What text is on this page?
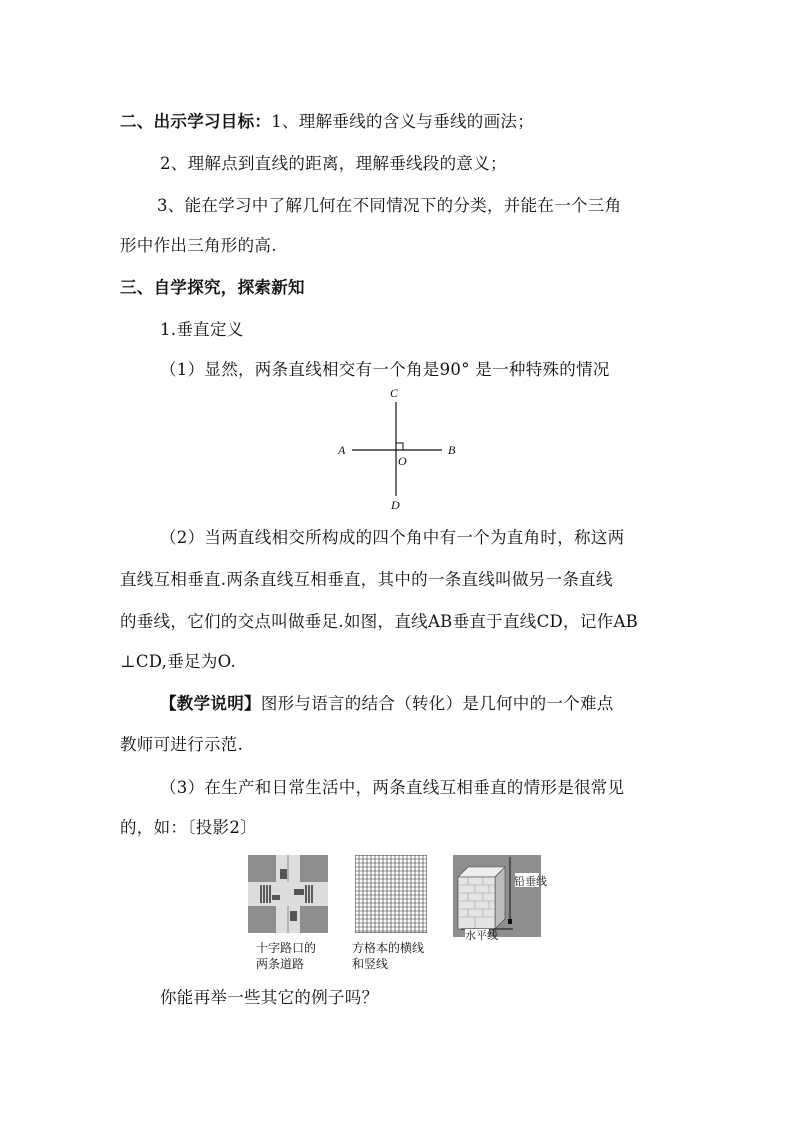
二、出示学习目标：1、理解垂线的含义与垂线的画法；
2、理解点到直线的距离，理解垂线段的意义；
3、能在学习中了解几何在不同情况下的分类，并能在一个三角
形中作出三角形的高.
三、自学探究，探索新知
1.垂直定义
（1）显然，两条直线相交有一个角是90° 是一种特殊的情况
C
A
O
B
D
（2）当两直线相交所构成的四个角中有一个为直角时，称这两
直线互相垂直.两条直线互相垂直，其中的一条直线叫做另一条直线
的垂线，它们的交点叫做垂足.如图，直线AB垂直于直线CD，记作AB
⊥CD,垂足为O.
【教学说明】图形与语言的结合（转化）是几何中的一个难点
教师可进行示范.
（3）在生产和日常生活中，两条直线互相垂直的情形是很常见
的，如：〔投影2〕
十字路口的
两条道路
方格本的横线
和竖线
铅垂线
水平线
你能再举一些其它的例子吗？
